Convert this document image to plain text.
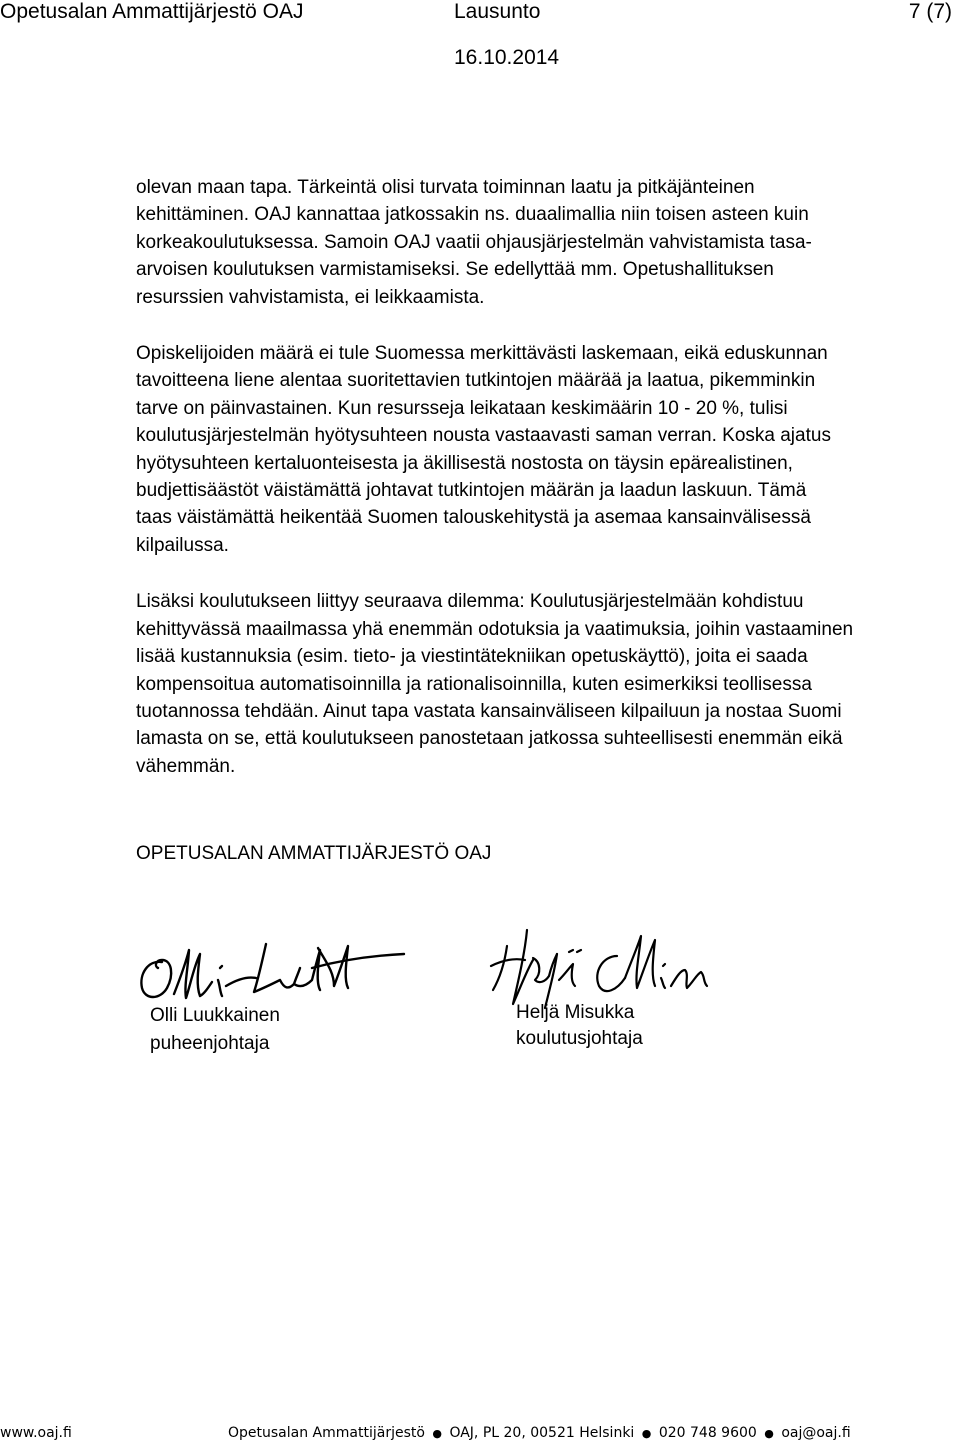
Opetusalan Ammattijärjestö OAJ	Lausunto	7 (7)
16.10.2014

olevan maan tapa. Tärkeintä olisi turvata toiminnan laatu ja pitkäjänteinen

kehittäminen. OAJ kannattaa jatkossakin ns. duaalimallia niin toisen asteen kuin

korkeakoulutuksessa. Samoin OAJ vaatii ohjausjärjestelmän vahvistamista tasa-

arvoisen koulutuksen varmistamiseksi. Se edellyttää mm. Opetushallituksen

resurssien vahvistamista, ei leikkaamista.

Opiskelijoiden määrä ei tule Suomessa merkittävästi laskemaan, eikä eduskunnan

tavoitteena liene alentaa suoritettavien tutkintojen määrää ja laatua, pikemminkin

tarve on päinvastainen. Kun resursseja leikataan keskimäärin 10 - 20 %, tulisi

koulutusjärjestelmän hyötysuhteen nousta vastaavasti saman verran. Koska ajatus

hyötysuhteen kertaluonteisesta ja äkillisestä nostosta on täysin epärealistinen,

budjettisäästöt väistämättä johtavat tutkintojen määrän ja laadun laskuun. Tämä

taas väistämättä heikentää Suomen talouskehitystä ja asemaa kansainvälisessä

kilpailussa.

Lisäksi koulutukseen liittyy seuraava dilemma: Koulutusjärjestelmään kohdistuu

kehittyvässä maailmassa yhä enemmän odotuksia ja vaatimuksia, joihin vastaaminen

lisää kustannuksia (esim. tieto- ja viestintätekniikan opetuskäyttö), joita ei saada

kompensoitua automatisoinnilla ja rationalisoinnilla, kuten esimerkiksi teollisessa

tuotannossa tehdään. Ainut tapa vastata kansainväliseen kilpailuun ja nostaa Suomi

lamasta on se, että koulutukseen panostetaan jatkossa suhteellisesti enemmän eikä

vähemmän.

OPETUSALAN AMMATTIJÄRJESTÖ OAJ
Olli Luukkainen
puheenjohtaja
Heljä Misukka
koulutusjohtaja
www.oaj.fi	Opetusalan Ammattijärjestö ● OAJ, PL 20, 00521 Helsinki ● 020 748 9600 ● oaj@oaj.fi
